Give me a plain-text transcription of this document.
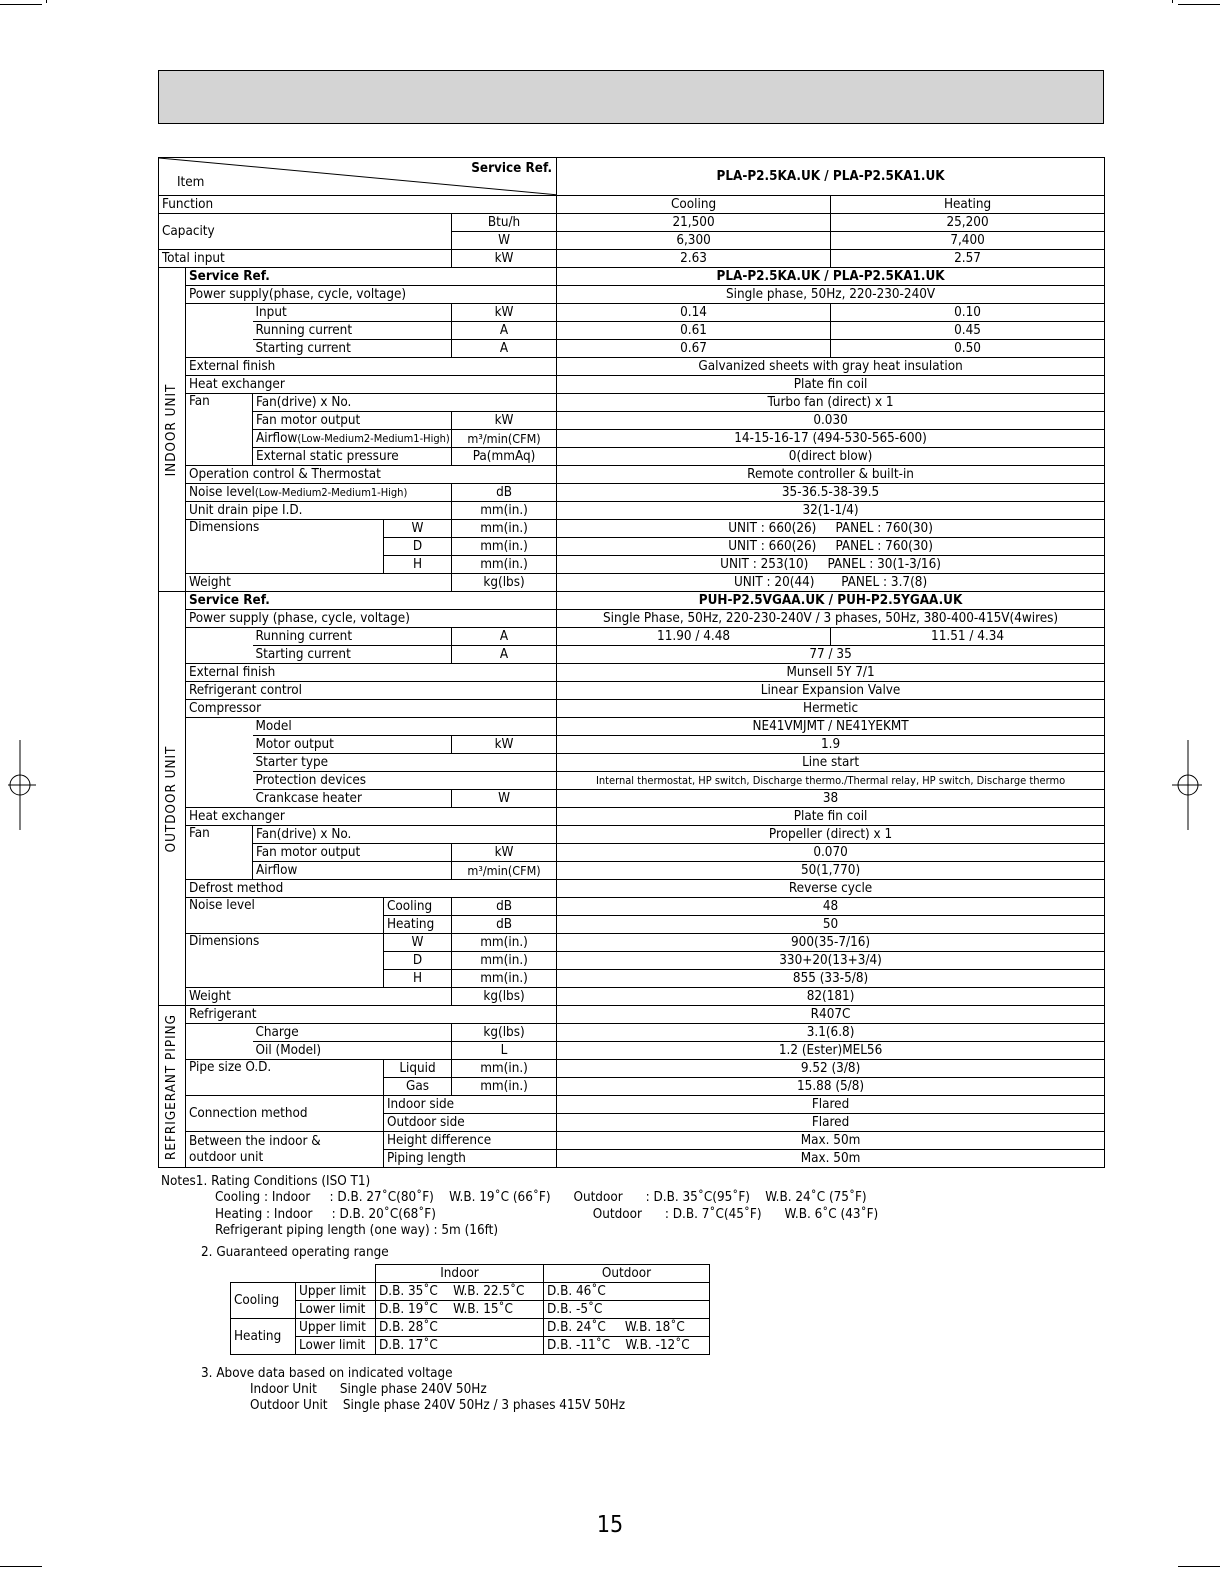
Service Ref.
Item					PLA-P2.5KA.UK / PLA-P2.5KA1.UK	
Function					Cooling	Heating
Capacity				Btu/h	21,500	25,200
				W	6,300	7,400
Total input				kW	2.63	2.57

INDOOR UNIT	Service Ref.				PLA-P2.5KA.UK / PLA-P2.5KA1.UK	
	Power supply(phase, cycle, voltage)				Single phase, 50Hz, 220-230-240V	
		Input		kW	0.14	0.10
		Running current		A	0.61	0.45
		Starting current		A	0.67	0.50
	External finish				Galvanized sheets with gray heat insulation	
	Heat exchanger				Plate fin coil	
	Fan	Fan(drive) x No.			Turbo fan (direct) x 1	
		Fan motor output		kW	0.030	
		Airflow(Low-Medium2-Medium1-High)		m³/min(CFM)	14-15-16-17 (494-530-565-600)	
		External static pressure		Pa(mmAq)	0(direct blow)	
	Operation control & Thermostat				Remote controller & built-in	
	Noise level(Low-Medium2-Medium1-High)			dB	35-36.5-38-39.5	
	Unit drain pipe I.D.			mm(in.)	32(1-1/4)	
	Dimensions		W	mm(in.)	UNIT : 660(26)     PANEL : 760(30)	
			D	mm(in.)	UNIT : 660(26)     PANEL : 760(30)	
			H	mm(in.)	UNIT : 253(10)     PANEL : 30(1-3/16)	
	Weight			kg(lbs)	UNIT : 20(44)       PANEL : 3.7(8)	

OUTDOOR UNIT	Service Ref.				PUH-P2.5VGAA.UK / PUH-P2.5YGAA.UK	
	Power supply (phase, cycle, voltage)				Single Phase, 50Hz, 220-230-240V / 3 phases, 50Hz, 380-400-415V(4wires)	
		Running current		A	11.90 / 4.48	11.51 / 4.34
		Starting current		A	77 / 35	
	External finish				Munsell 5Y 7/1	
	Refrigerant control				Linear Expansion Valve	
	Compressor				Hermetic	
		Model			NE41VMJMT / NE41YEKMT	
		Motor output		kW	1.9	
		Starter type			Line start	
		Protection devices			Internal thermostat, HP switch, Discharge thermo./Thermal relay, HP switch, Discharge thermo	
		Crankcase heater		W	38	
	Heat exchanger				Plate fin coil	
	Fan	Fan(drive) x No.			Propeller (direct) x 1	
		Fan motor output		kW	0.070	
		Airflow		m³/min(CFM)	50(1,770)	
	Defrost method				Reverse cycle	
	Noise level		Cooling	dB	48	
			Heating	dB	50	
	Dimensions		W	mm(in.)	900(35-7/16)	
			D	mm(in.)	330+20(13+3/4)	
			H	mm(in.)	855 (33-5/8)	
	Weight			kg(lbs)	82(181)	

REFRIGERANT PIPING	Refrigerant				R407C	
		Charge		kg(lbs)	3.1(6.8)	
		Oil (Model)		L	1.2 (Ester)MEL56	
	Pipe size O.D.		Liquid	mm(in.)	9.52 (3/8)	
			Gas	mm(in.)	15.88 (5/8)	
	Connection method		Indoor side		Flared	
			Outdoor side		Flared	

	Between the indoor &
outdoor unit		Height difference		Max. 50m	
			Piping length		Max. 50m	
Notes1. Rating Conditions (ISO T1)
Cooling : Indoor     : D.B. 27˚C(80˚F)    W.B. 19˚C (66˚F)      Outdoor      : D.B. 35˚C(95˚F)    W.B. 24˚C (75˚F)
Heating : Indoor     : D.B. 20˚C(68˚F)                                         Outdoor      : D.B. 7˚C(45˚F)      W.B. 6˚C (43˚F)
Refrigerant piping length (one way) : 5m (16ft)
2. Guaranteed operating range
		Indoor	Outdoor
Cooling	Upper limit	D.B. 35˚C    W.B. 22.5˚C	D.B. 46˚C
	Lower limit	D.B. 19˚C    W.B. 15˚C	D.B. -5˚C
Heating	Upper limit	D.B. 28˚C	D.B. 24˚C     W.B. 18˚C
	Lower limit	D.B. 17˚C	D.B. -11˚C    W.B. -12˚C
3. Above data based on indicated voltage
Indoor Unit      Single phase 240V 50Hz
Outdoor Unit    Single phase 240V 50Hz / 3 phases 415V 50Hz
15
